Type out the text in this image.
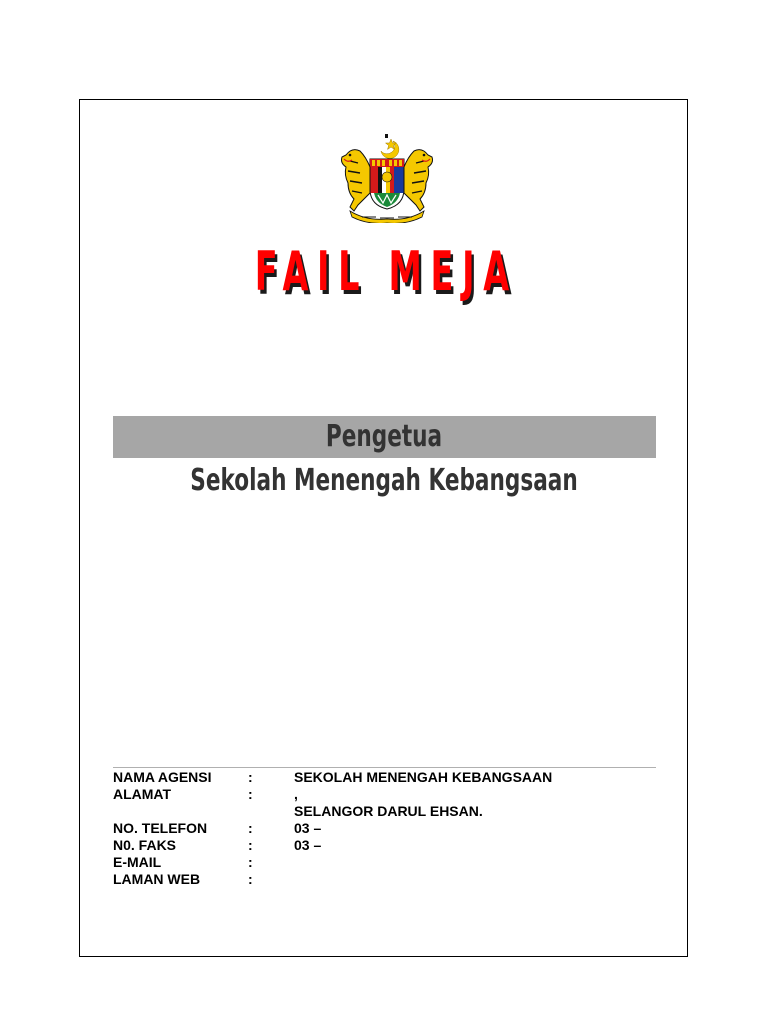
FAIL MEJA
Pengetua
Sekolah Menengah Kebangsaan
NAMA AGENSI	:	SEKOLAH MENENGAH KEBANGSAAN
ALAMAT	:	,
SELANGOR DARUL EHSAN.
NO. TELEFON	:	03 –
N0. FAKS	:	03 –
E-MAIL	:
LAMAN WEB	:
